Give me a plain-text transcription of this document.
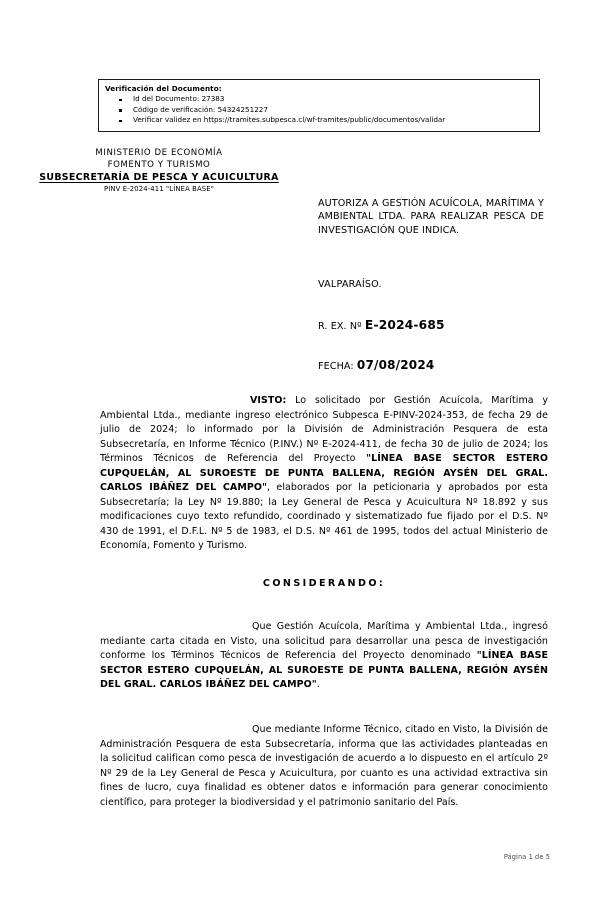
Verificación del Documento:
Id del Documento: 27383
Código de verificación: 54324251227
Verificar validez en https://tramites.subpesca.cl/wf-tramites/public/documentos/validar
MINISTERIO DE ECONOMÍA
FOMENTO Y TURISMO
SUBSECRETARÍA DE PESCA Y ACUICULTURA
PINV E-2024-411 "LÍNEA BASE"
AUTORIZA A GESTIÓN ACUÍCOLA, MARÍTIMA Y AMBIENTAL LTDA. PARA REALIZAR PESCA DE INVESTIGACIÓN QUE INDICA.
VALPARAÍSO.
R. EX. Nº E-2024-685
FECHA: 07/08/2024
VISTO: Lo solicitado por Gestión Acuícola, Marítima y Ambiental Ltda., mediante ingreso electrónico Subpesca E-PINV-2024-353, de fecha 29 de julio de 2024; lo informado por la División de Administración Pesquera de esta Subsecretaría, en Informe Técnico (P.INV.) Nº E-2024-411, de fecha 30 de julio de 2024; los Términos Técnicos de Referencia del Proyecto "LÍNEA BASE SECTOR ESTERO CUPQUELÁN, AL SUROESTE DE PUNTA BALLENA, REGIÓN AYSÉN DEL GRAL. CARLOS IBÁÑEZ DEL CAMPO", elaborados por la peticionaria y aprobados por esta Subsecretaría; la Ley Nº 19.880; la Ley General de Pesca y Acuicultura Nº 18.892 y sus modificaciones cuyo texto refundido, coordinado y sistematizado fue fijado por el D.S. Nº 430 de 1991, el D.F.L. Nº 5 de 1983, el D.S. Nº 461 de 1995, todos del actual Ministerio de Economía, Fomento y Turismo.
CONSIDERANDO:
Que Gestión Acuícola, Marítima y Ambiental Ltda., ingresó mediante carta citada en Visto, una solicitud para desarrollar una pesca de investigación conforme los Términos Técnicos de Referencia del Proyecto denominado "LÍNEA BASE SECTOR ESTERO CUPQUELÁN, AL SUROESTE DE PUNTA BALLENA, REGIÓN AYSÉN DEL GRAL. CARLOS IBÁÑEZ DEL CAMPO".
Que mediante Informe Técnico, citado en Visto, la División de Administración Pesquera de esta Subsecretaría, informa que las actividades planteadas en la solicitud califican como pesca de investigación de acuerdo a lo dispuesto en el artículo 2º Nº 29 de la Ley General de Pesca y Acuicultura, por cuanto es una actividad extractiva sin fines de lucro, cuya finalidad es obtener datos e información para generar conocimiento científico, para proteger la biodiversidad y el patrimonio sanitario del País.
Página 1 de 5
